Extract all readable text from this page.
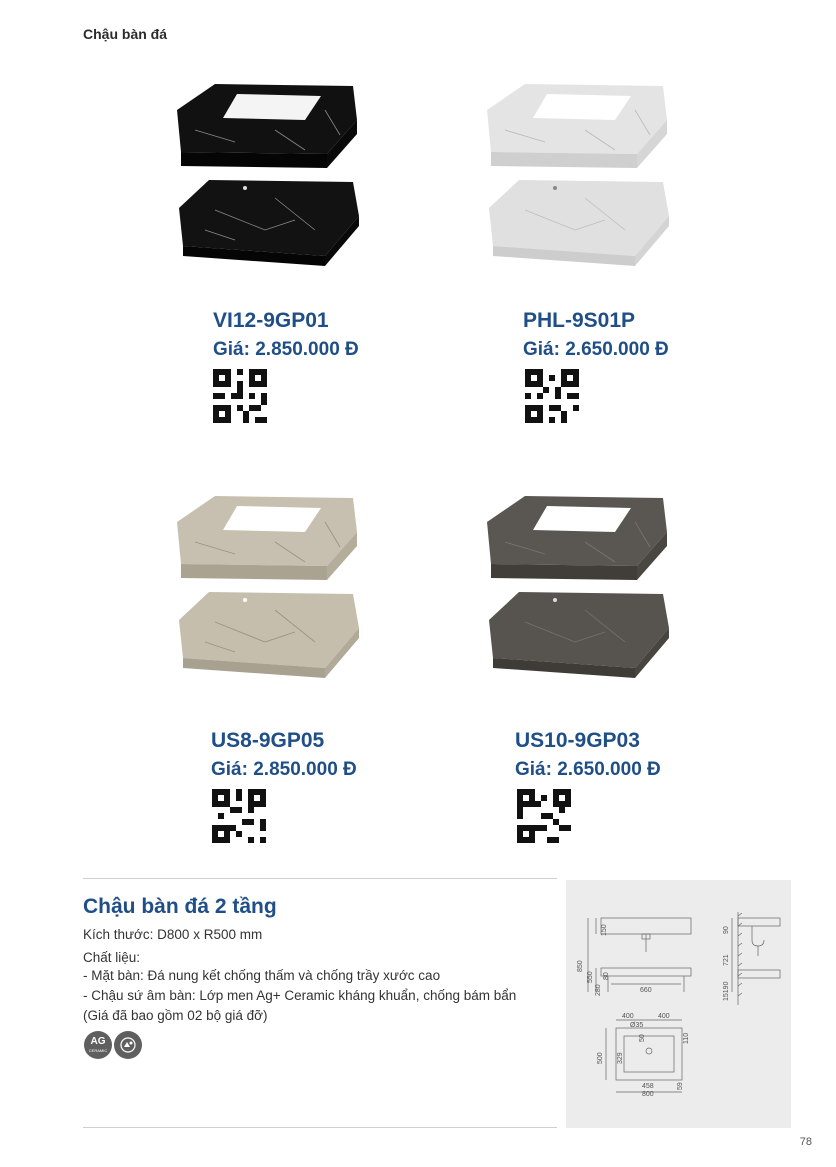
Chậu bàn đá
VI12-9GP01
Giá: 2.850.000 Đ
PHL-9S01P
Giá: 2.650.000 Đ
US8-9GP05
Giá: 2.850.000 Đ
US10-9GP03
Giá: 2.650.000 Đ
Chậu bàn đá 2 tầng
Kích thước: D800 x R500 mm
Chất liệu:
- Mặt bàn: Đá nung kết chống thấm và chống trầy xước cao
- Chậu sứ âm bàn: Lớp men Ag+ Ceramic kháng khuẩn, chống bám bẩn
(Giá đã bao gồm 02 bộ giá đỡ)
AG
CERAMIC
850
150
550
280
80
660
90
721
15190
400	400
Ø35
50	110
500 329
458
800
59
78
